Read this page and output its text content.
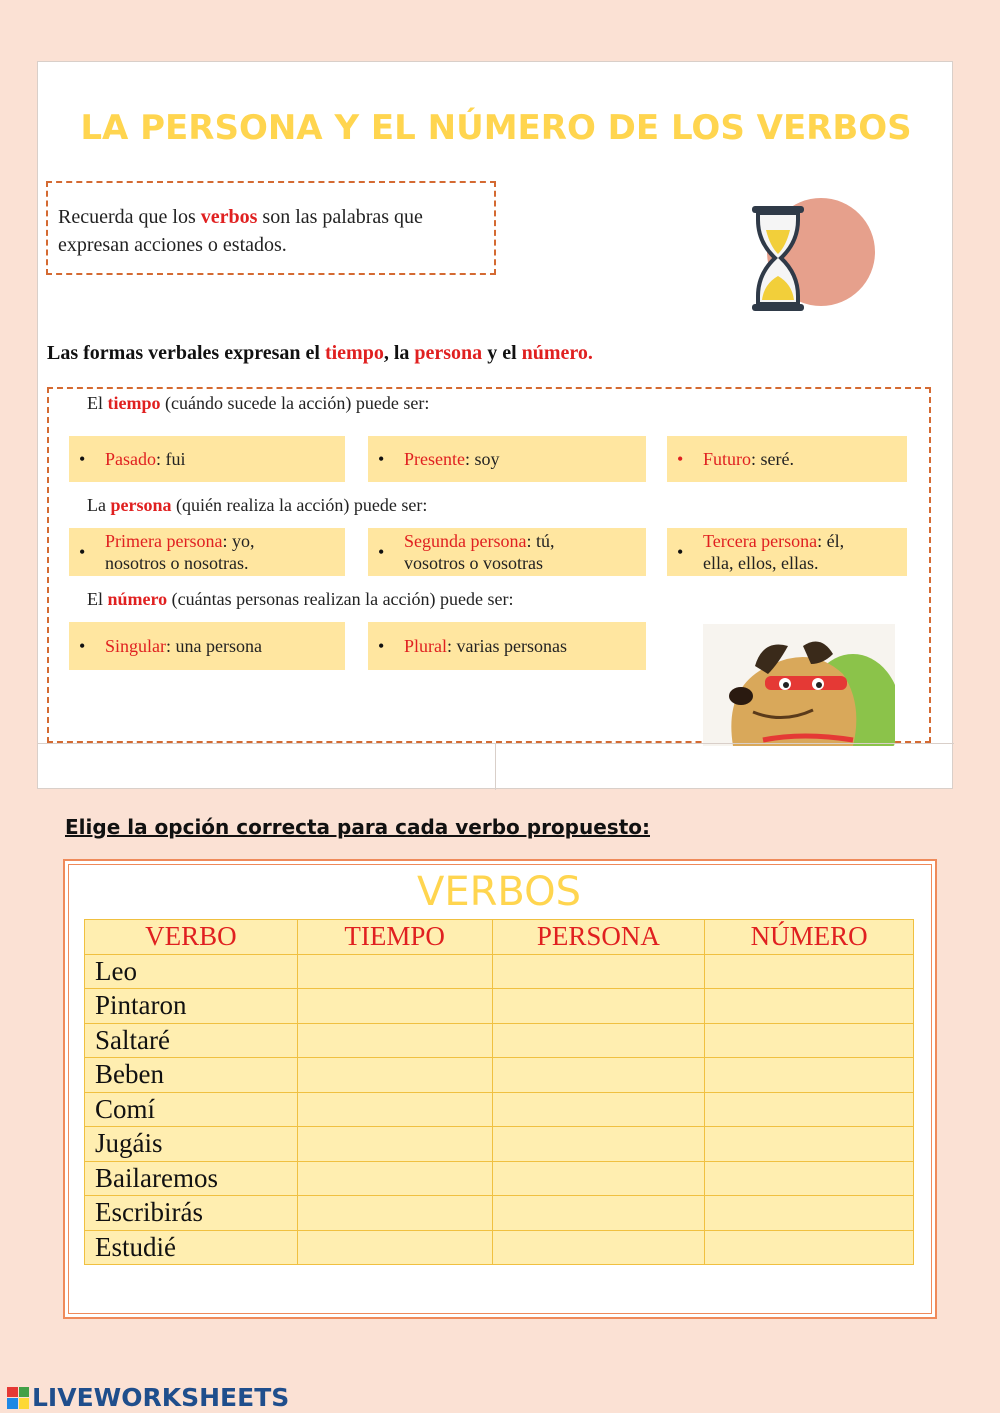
LA PERSONA Y EL NÚMERO DE LOS VERBOS
Recuerda que los verbos son las palabras que expresan acciones o estados.
Las formas verbales expresan el tiempo, la persona y el número.
El tiempo (cuándo sucede la acción) puede ser:
• Pasado: fui	• Presente: soy	• Futuro: seré.
La persona (quién realiza la acción) puede ser:
• Primera persona: yo, nosotros o nosotras.
• Segunda persona: tú, vosotros o vosotras
• Tercera persona: él, ella, ellos, ellas.
El número (cuántas personas realizan la acción) puede ser:
• Singular: una persona	• Plural: varias personas
Elige la opción correcta para cada verbo propuesto:
VERBOS
VERBO	TIEMPO	PERSONA	NÚMERO
Leo			
Pintaron			
Saltaré			
Beben			
Comí			
Jugáis			
Bailaremos			
Escribirás			
Estudié			
LIVEWORKSHEETS
